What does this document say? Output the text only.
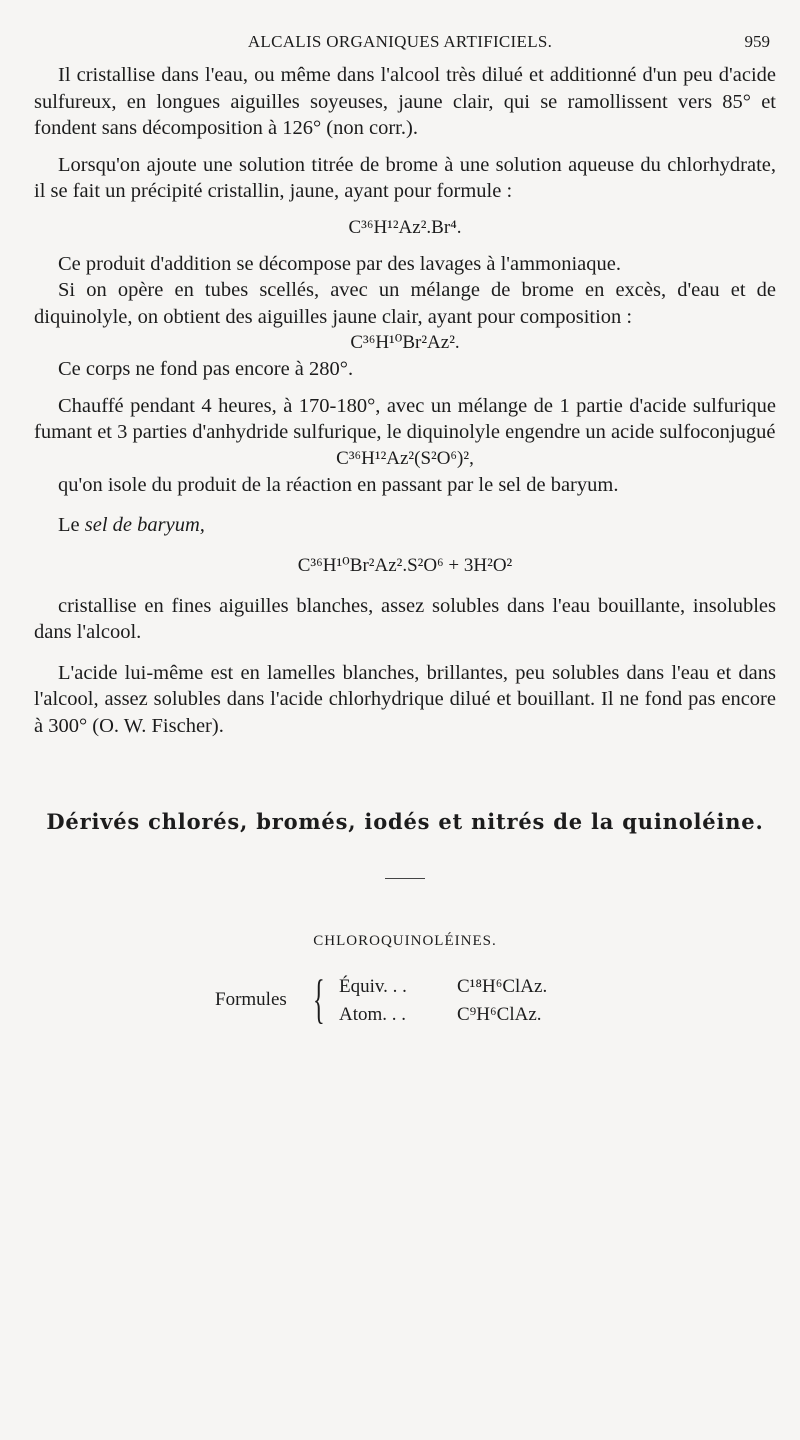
ALCALIS ORGANIQUES ARTIFICIELS.	959

Il cristallise dans l'eau, ou même dans l'alcool très dilué et additionné d'un peu d'acide sulfureux, en longues aiguilles soyeuses, jaune clair, qui se ramollissent vers 85° et fondent sans décomposition à 126° (non corr.).

Lorsqu'on ajoute une solution titrée de brome à une solution aqueuse du chlorhydrate, il se fait un précipité cristallin, jaune, ayant pour formule :

C³⁶H¹²Az².Br⁴.

Ce produit d'addition se décompose par des lavages à l'ammoniaque.

Si on opère en tubes scellés, avec un mélange de brome en excès, d'eau et de diquinolyle, on obtient des aiguilles jaune clair, ayant pour composition :

C³⁶H¹⁰Br²Az².

Ce corps ne fond pas encore à 280°.

Chauffé pendant 4 heures, à 170-180°, avec un mélange de 1 partie d'acide sulfurique fumant et 3 parties d'anhydride sulfurique, le diquinolyle engendre un acide sulfoconjugué

C³⁶H¹²Az²(S²O⁶)²,

qu'on isole du produit de la réaction en passant par le sel de baryum.

Le sel de baryum,

C³⁶H¹⁰Br²Az².S²O⁶ + 3H²O²

cristallise en fines aiguilles blanches, assez solubles dans l'eau bouillante, insolubles dans l'alcool.

L'acide lui-même est en lamelles blanches, brillantes, peu solubles dans l'eau et dans l'alcool, assez solubles dans l'acide chlorhydrique dilué et bouillant. Il ne fond pas encore à 300° (O. W. Fischer).

Dérivés chlorés, bromés, iodés et nitrés de la quinoléine.
CHLOROQUINOLÉINES.
Formules { Équiv. . .	C¹⁸H⁶ClAz.
Atom. . .	C⁹H⁶ClAz.
